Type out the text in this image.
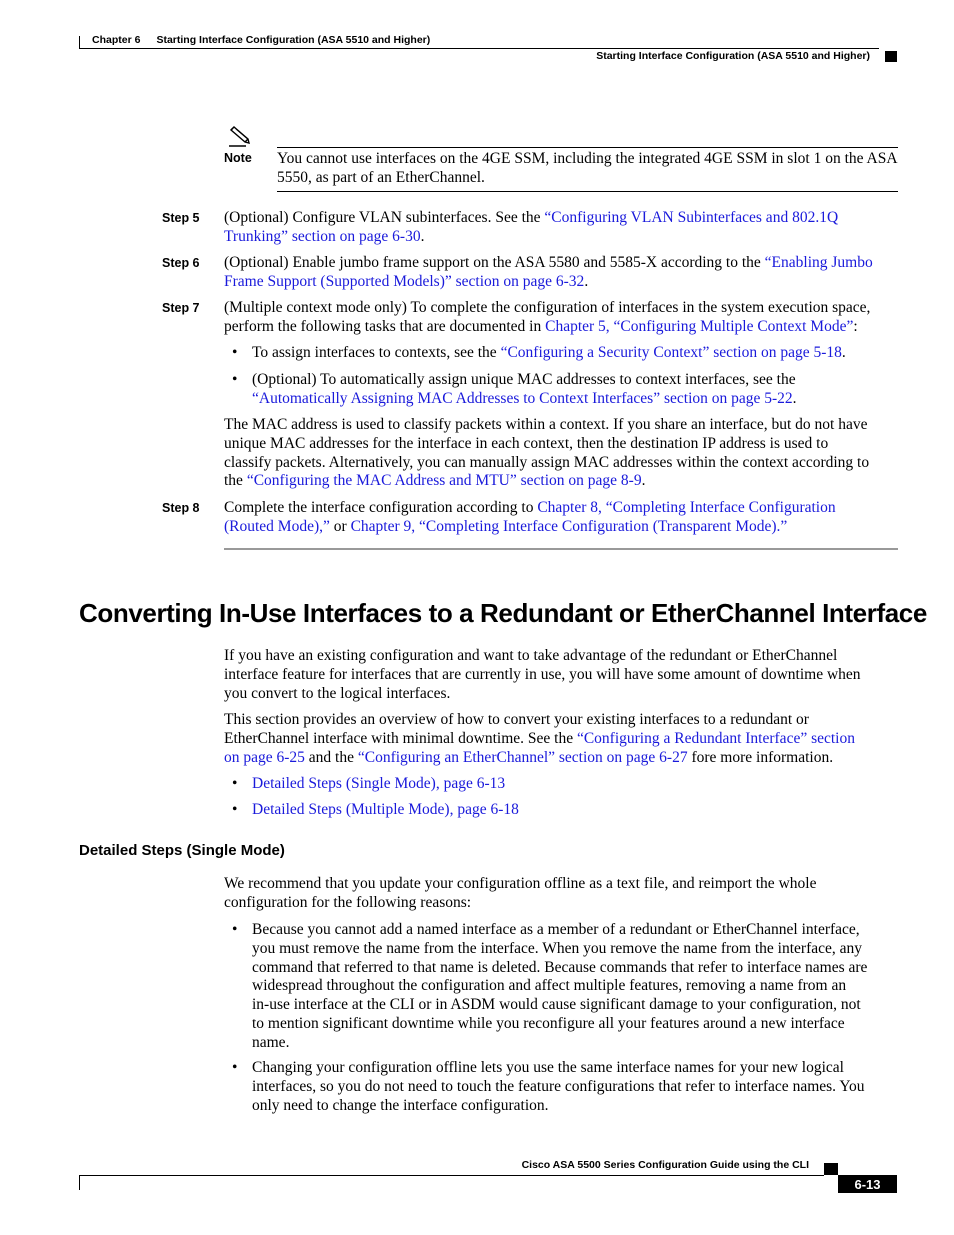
Chapter 6 Starting Interface Configuration (ASA 5510 and Higher)
Starting Interface Configuration (ASA 5510 and Higher)
Note You cannot use interfaces on the 4GE SSM, including the integrated 4GE SSM in slot 1 on the ASA 5550, as part of an EtherChannel.
Step 5 (Optional) Configure VLAN subinterfaces. See the “Configuring VLAN Subinterfaces and 802.1Q
Trunking” section on page 6-30.
Step 6 (Optional) Enable jumbo frame support on the ASA 5580 and 5585-X according to the “Enabling Jumbo
Frame Support (Supported Models)” section on page 6-32.
Step 7 (Multiple context mode only) To complete the configuration of interfaces in the system execution space,
perform the following tasks that are documented in Chapter 5, “Configuring Multiple Context Mode”:
• To assign interfaces to contexts, see the “Configuring a Security Context” section on page 5-18.
• (Optional) To automatically assign unique MAC addresses to context interfaces, see the
“Automatically Assigning MAC Addresses to Context Interfaces” section on page 5-22.
The MAC address is used to classify packets within a context. If you share an interface, but do not have
unique MAC addresses for the interface in each context, then the destination IP address is used to
classify packets. Alternatively, you can manually assign MAC addresses within the context according to
the “Configuring the MAC Address and MTU” section on page 8-9.
Step 8 Complete the interface configuration according to Chapter 8, “Completing Interface Configuration
(Routed Mode),” or Chapter 9, “Completing Interface Configuration (Transparent Mode).”
Converting In-Use Interfaces to a Redundant or EtherChannel Interface
If you have an existing configuration and want to take advantage of the redundant or EtherChannel
interface feature for interfaces that are currently in use, you will have some amount of downtime when
you convert to the logical interfaces.
This section provides an overview of how to convert your existing interfaces to a redundant or
EtherChannel interface with minimal downtime. See the “Configuring a Redundant Interface” section
on page 6-25 and the “Configuring an EtherChannel” section on page 6-27 fore more information.
• Detailed Steps (Single Mode), page 6-13
• Detailed Steps (Multiple Mode), page 6-18
Detailed Steps (Single Mode)
We recommend that you update your configuration offline as a text file, and reimport the whole
configuration for the following reasons:
• Because you cannot add a named interface as a member of a redundant or EtherChannel interface,
you must remove the name from the interface. When you remove the name from the interface, any
command that referred to that name is deleted. Because commands that refer to interface names are
widespread throughout the configuration and affect multiple features, removing a name from an
in-use interface at the CLI or in ASDM would cause significant damage to your configuration, not
to mention significant downtime while you reconfigure all your features around a new interface
name.
• Changing your configuration offline lets you use the same interface names for your new logical
interfaces, so you do not need to touch the feature configurations that refer to interface names. You
only need to change the interface configuration.
Cisco ASA 5500 Series Configuration Guide using the CLI
6-13
